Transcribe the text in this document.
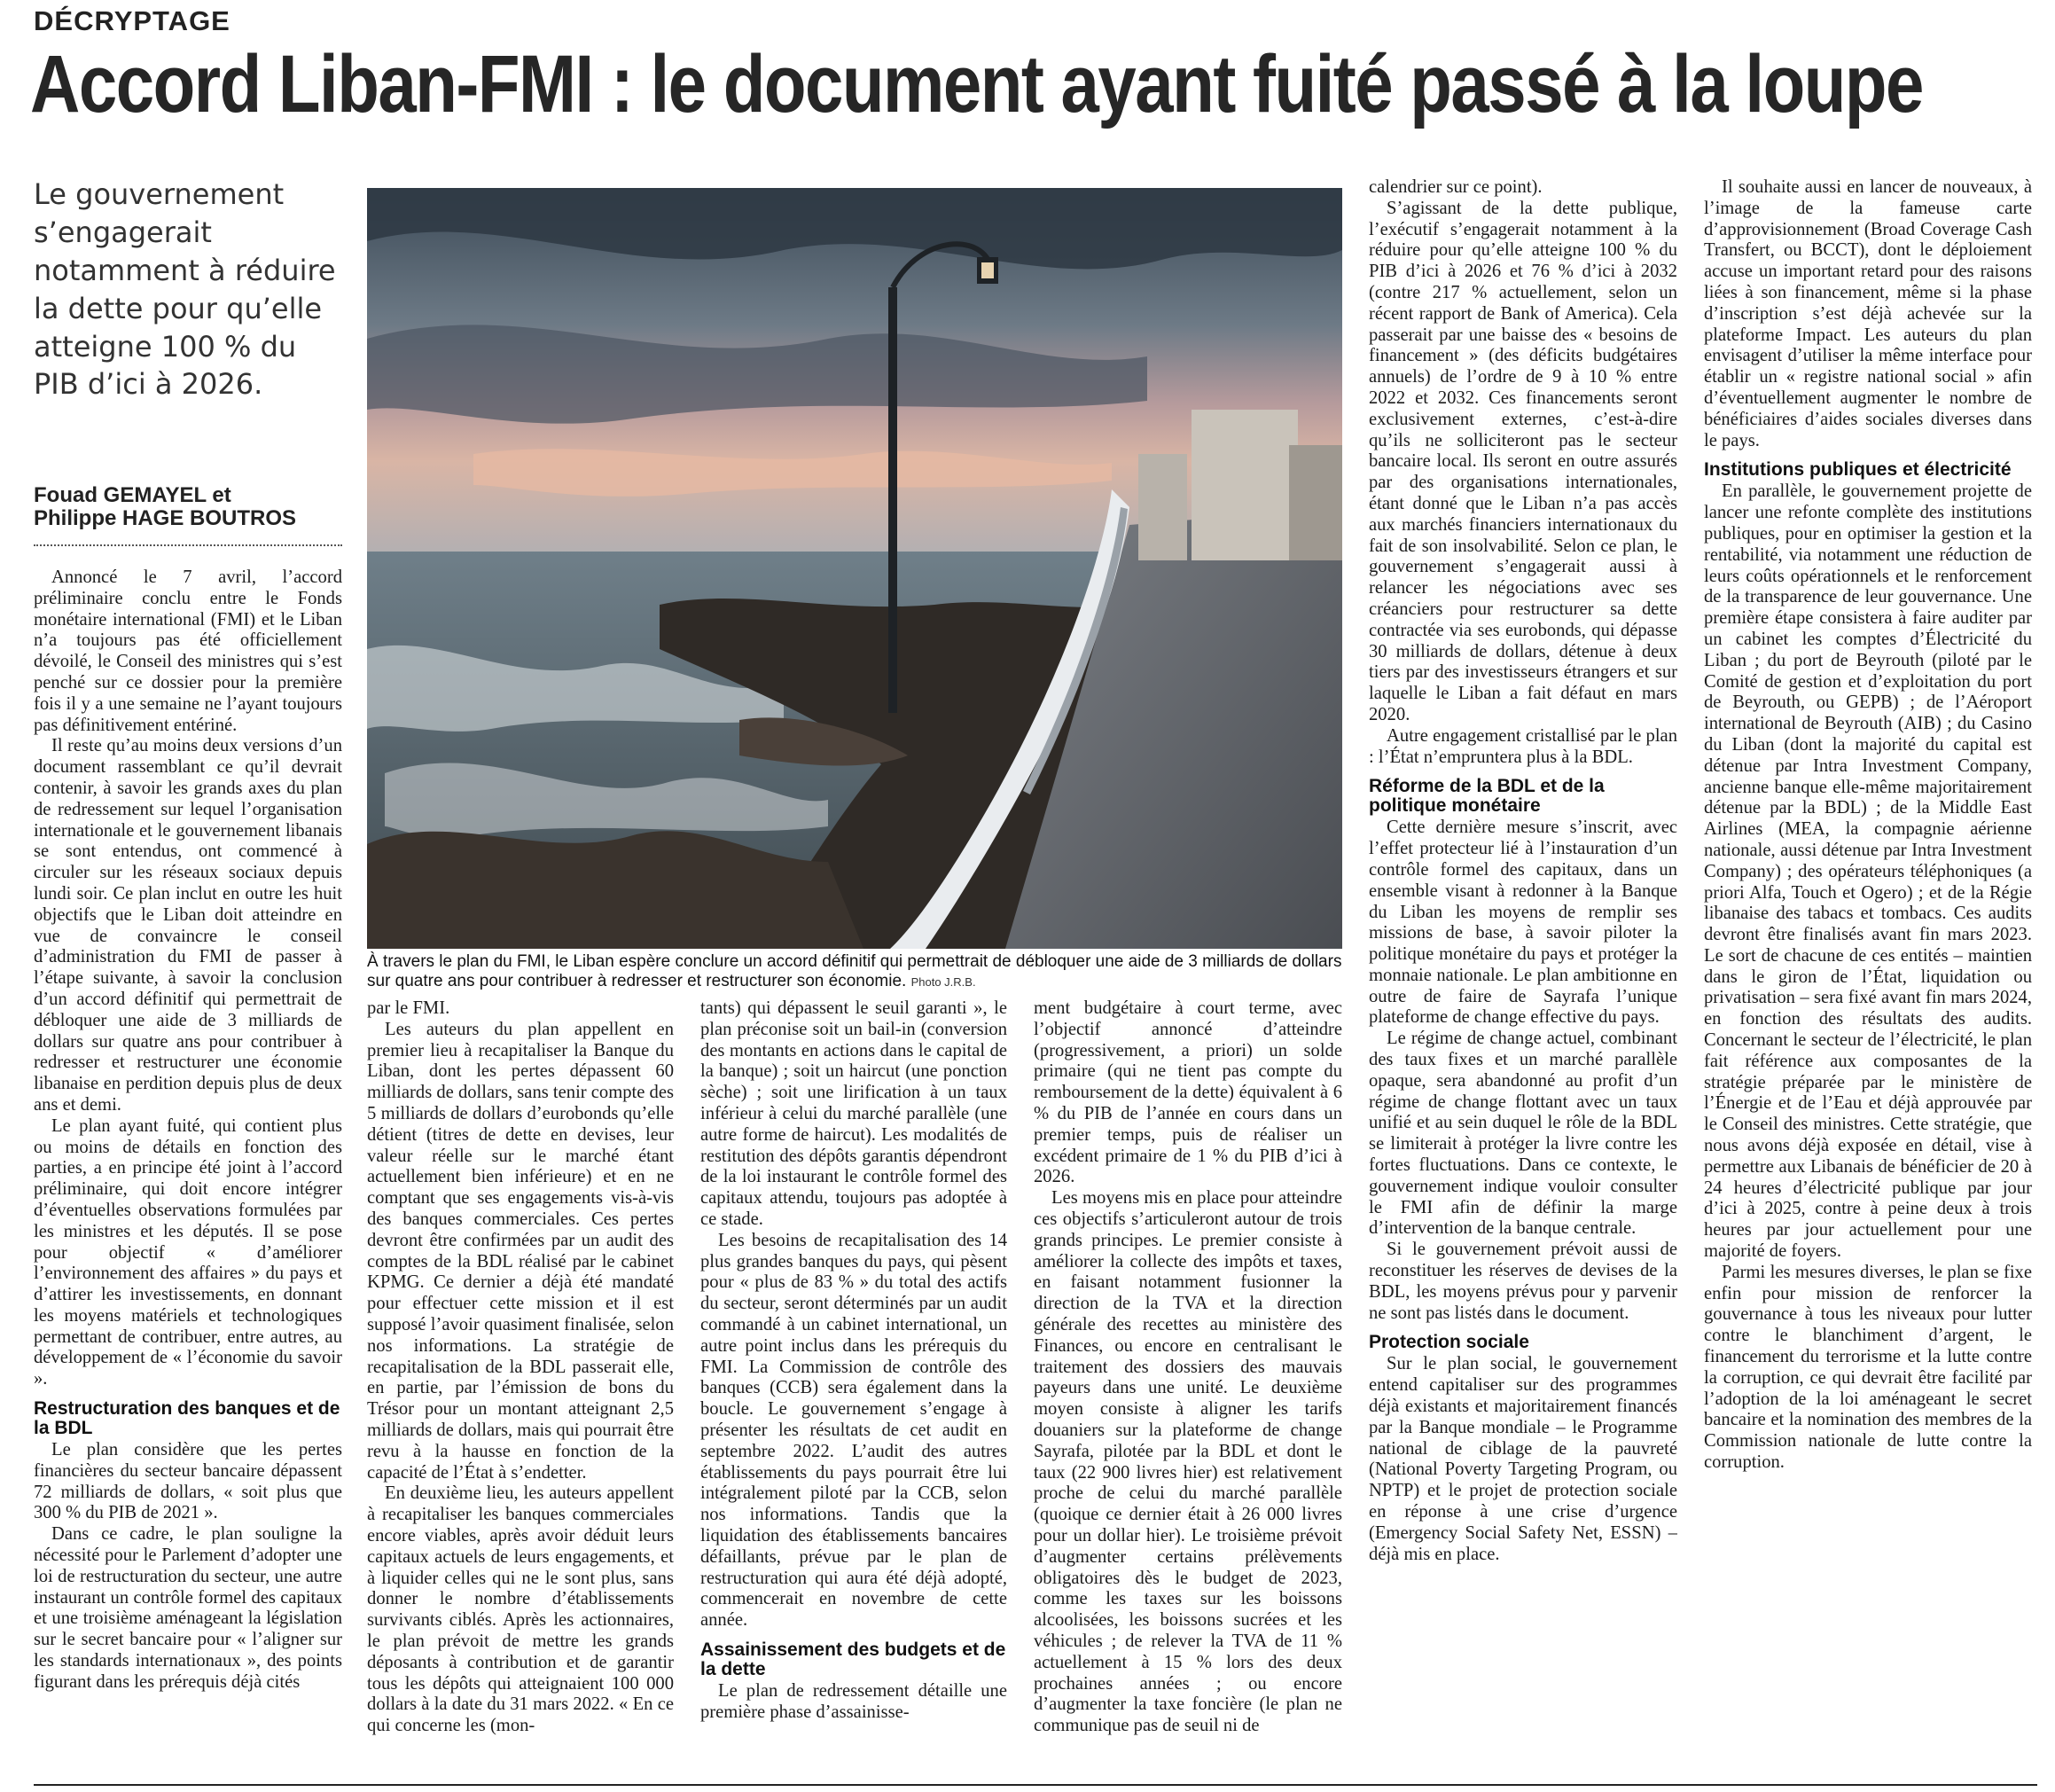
DÉCRYPTAGE
Accord Liban-FMI : le document ayant fuité passé à la loupe
Le gouvernement s’engagerait notamment à réduire la dette pour qu’elle atteigne 100 % du PIB d’ici à 2026.
Fouad GEMAYEL et
Philippe HAGE BOUTROS
À travers le plan du FMI, le Liban espère conclure un accord définitif qui permettrait de débloquer une aide de 3 milliards de dollars sur quatre ans pour contribuer à redresser et restructurer son économie. Photo J.R.B.

Annoncé le 7 avril, l’accord préliminaire conclu entre le Fonds monétaire international (FMI) et le Liban n’a toujours pas été officiellement dévoilé, le Conseil des ministres qui s’est penché sur ce dossier pour la première fois il y a une semaine ne l’ayant toujours pas définitivement entériné.

Il reste qu’au moins deux versions d’un document rassemblant ce qu’il devrait contenir, à savoir les grands axes du plan de redressement sur lequel l’organisation internationale et le gouvernement libanais se sont entendus, ont commencé à circuler sur les réseaux sociaux depuis lundi soir. Ce plan inclut en outre les huit objectifs que le Liban doit atteindre en vue de convaincre le conseil d’administration du FMI de passer à l’étape suivante, à savoir la conclusion d’un accord définitif qui permettrait de débloquer une aide de 3 milliards de dollars sur quatre ans pour contribuer à redresser et restructurer une économie libanaise en perdition depuis plus de deux ans et demi.

Le plan ayant fuité, qui contient plus ou moins de détails en fonction des parties, a en principe été joint à l’accord préliminaire, qui doit encore intégrer d’éventuelles observations formulées par les ministres et les députés. Il se pose pour objectif « d’améliorer l’environnement des affaires » du pays et d’attirer les investissements, en donnant les moyens matériels et technologiques permettant de contribuer, entre autres, au développement de « l’économie du savoir ».

Restructuration des banques et de la BDL

Le plan considère que les pertes financières du secteur bancaire dépassent 72 milliards de dollars, « soit plus que 300 % du PIB de 2021 ».

Dans ce cadre, le plan souligne la nécessité pour le Parlement d’adopter une loi de restructuration du secteur, une autre instaurant un contrôle formel des capitaux et une troisième aménageant la législation sur le secret bancaire pour « l’aligner sur les standards internationaux », des points figurant dans les prérequis déjà cités

par le FMI.

Les auteurs du plan appellent en premier lieu à recapitaliser la Banque du Liban, dont les pertes dépassent 60 milliards de dollars, sans tenir compte des 5 milliards de dollars d’eurobonds qu’elle détient (titres de dette en devises, leur valeur réelle sur le marché étant actuellement bien inférieure) et en ne comptant que ses engagements vis-à-vis des banques commerciales. Ces pertes devront être confirmées par un audit des comptes de la BDL réalisé par le cabinet KPMG. Ce dernier a déjà été mandaté pour effectuer cette mission et il est supposé l’avoir quasiment finalisée, selon nos informations. La stratégie de recapitalisation de la BDL passerait elle, en partie, par l’émission de bons du Trésor pour un montant atteignant 2,5 milliards de dollars, mais qui pourrait être revu à la hausse en fonction de la capacité de l’État à s’endetter.

En deuxième lieu, les auteurs appellent à recapitaliser les banques commerciales encore viables, après avoir déduit leurs capitaux actuels de leurs engagements, et à liquider celles qui ne le sont plus, sans donner le nombre d’établissements survivants ciblés. Après les actionnaires, le plan prévoit de mettre les grands déposants à contribution et de garantir tous les dépôts qui atteignaient 100 000 dollars à la date du 31 mars 2022. « En ce qui concerne les (mon-

tants) qui dépassent le seuil garanti », le plan préconise soit un bail-in (conversion des montants en actions dans le capital de la banque) ; soit un haircut (une ponction sèche) ; soit une lirification à un taux inférieur à celui du marché parallèle (une autre forme de haircut). Les modalités de restitution des dépôts garantis dépendront de la loi instaurant le contrôle formel des capitaux attendu, toujours pas adoptée à ce stade.

Les besoins de recapitalisation des 14 plus grandes banques du pays, qui pèsent pour « plus de 83 % » du total des actifs du secteur, seront déterminés par un audit commandé à un cabinet international, un autre point inclus dans les prérequis du FMI. La Commission de contrôle des banques (CCB) sera également dans la boucle. Le gouvernement s’engage à présenter les résultats de cet audit en septembre 2022. L’audit des autres établissements du pays pourrait être lui intégralement piloté par la CCB, selon nos informations. Tandis que la liquidation des établissements bancaires défaillants, prévue par le plan de restructuration qui aura été déjà adopté, commencerait en novembre de cette année.

Assainissement des budgets et de la dette

Le plan de redressement détaille une première phase d’assainisse-

ment budgétaire à court terme, avec l’objectif annoncé d’atteindre (progressivement, a priori) un solde primaire (qui ne tient pas compte du remboursement de la dette) équivalent à 6 % du PIB de l’année en cours dans un premier temps, puis de réaliser un excédent primaire de 1 % du PIB d’ici à 2026.

Les moyens mis en place pour atteindre ces objectifs s’articuleront autour de trois grands principes. Le premier consiste à améliorer la collecte des impôts et taxes, en faisant notamment fusionner la direction de la TVA et la direction générale des recettes au ministère des Finances, ou encore en centralisant le traitement des dossiers des mauvais payeurs dans une unité. Le deuxième moyen consiste à aligner les tarifs douaniers sur la plateforme de change Sayrafa, pilotée par la BDL et dont le taux (22 900 livres hier) est relativement proche de celui du marché parallèle (quoique ce dernier était à 26 000 livres pour un dollar hier). Le troisième prévoit d’augmenter certains prélèvements obligatoires dès le budget de 2023, comme les taxes sur les boissons alcoolisées, les boissons sucrées et les véhicules ; de relever la TVA de 11 % actuellement à 15 % lors des deux prochaines années ; ou encore d’augmenter la taxe foncière (le plan ne communique pas de seuil ni de

calendrier sur ce point).

S’agissant de la dette publique, l’exécutif s’engagerait notamment à la réduire pour qu’elle atteigne 100 % du PIB d’ici à 2026 et 76 % d’ici à 2032 (contre 217 % actuellement, selon un récent rapport de Bank of America). Cela passerait par une baisse des « besoins de financement » (des déficits budgétaires annuels) de l’ordre de 9 à 10 % entre 2022 et 2032. Ces financements seront exclusivement externes, c’est-à-dire qu’ils ne solliciteront pas le secteur bancaire local. Ils seront en outre assurés par des organisations internationales, étant donné que le Liban n’a pas accès aux marchés financiers internationaux du fait de son insolvabilité. Selon ce plan, le gouvernement s’engagerait aussi à relancer les négociations avec ses créanciers pour restructurer sa dette contractée via ses eurobonds, qui dépasse 30 milliards de dollars, détenue à deux tiers par des investisseurs étrangers et sur laquelle le Liban a fait défaut en mars 2020.

Autre engagement cristallisé par le plan : l’État n’empruntera plus à la BDL.

Réforme de la BDL et de la politique monétaire

Cette dernière mesure s’inscrit, avec l’effet protecteur lié à l’instauration d’un contrôle formel des capitaux, dans un ensemble visant à redonner à la Banque du Liban les moyens de remplir ses missions de base, à savoir piloter la politique monétaire du pays et protéger la monnaie nationale. Le plan ambitionne en outre de faire de Sayrafa l’unique plateforme de change effective du pays.

Le régime de change actuel, combinant des taux fixes et un marché parallèle opaque, sera abandonné au profit d’un régime de change flottant avec un taux unifié et au sein duquel le rôle de la BDL se limiterait à protéger la livre contre les fortes fluctuations. Dans ce contexte, le gouvernement indique vouloir consulter le FMI afin de définir la marge d’intervention de la banque centrale.

Si le gouvernement prévoit aussi de reconstituer les réserves de devises de la BDL, les moyens prévus pour y parvenir ne sont pas listés dans le document.

Protection sociale

Sur le plan social, le gouvernement entend capitaliser sur des programmes déjà existants et majoritairement financés par la Banque mondiale – le Programme national de ciblage de la pauvreté (National Poverty Targeting Program, ou NPTP) et le projet de protection sociale en réponse à une crise d’urgence (Emergency Social Safety Net, ESSN) – déjà mis en place.

Il souhaite aussi en lancer de nouveaux, à l’image de la fameuse carte d’approvisionnement (Broad Coverage Cash Transfert, ou BCCT), dont le déploiement accuse un important retard pour des raisons liées à son financement, même si la phase d’inscription s’est déjà achevée sur la plateforme Impact. Les auteurs du plan envisagent d’utiliser la même interface pour établir un « registre national social » afin d’éventuellement augmenter le nombre de bénéficiaires d’aides sociales diverses dans le pays.

Institutions publiques et électricité

En parallèle, le gouvernement projette de lancer une refonte complète des institutions publiques, pour en optimiser la gestion et la rentabilité, via notamment une réduction de leurs coûts opérationnels et le renforcement de la transparence de leur gouvernance. Une première étape consistera à faire auditer par un cabinet les comptes d’Électricité du Liban ; du port de Beyrouth (piloté par le Comité de gestion et d’exploitation du port de Beyrouth, ou GEPB) ; de l’Aéroport international de Beyrouth (AIB) ; du Casino du Liban (dont la majorité du capital est détenue par Intra Investment Company, ancienne banque elle-même majoritairement détenue par la BDL) ; de la Middle East Airlines (MEA, la compagnie aérienne nationale, aussi détenue par Intra Investment Company) ; des opérateurs téléphoniques (a priori Alfa, Touch et Ogero) ; et de la Régie libanaise des tabacs et tombacs. Ces audits devront être finalisés avant fin mars 2023. Le sort de chacune de ces entités – maintien dans le giron de l’État, liquidation ou privatisation – sera fixé avant fin mars 2024, en fonction des résultats des audits. Concernant le secteur de l’électricité, le plan fait référence aux composantes de la stratégie préparée par le ministère de l’Énergie et de l’Eau et déjà approuvée par le Conseil des ministres. Cette stratégie, que nous avons déjà exposée en détail, vise à permettre aux Libanais de bénéficier de 20 à 24 heures d’électricité publique par jour d’ici à 2025, contre à peine deux à trois heures par jour actuellement pour une majorité de foyers.

Parmi les mesures diverses, le plan se fixe enfin pour mission de renforcer la gouvernance à tous les niveaux pour lutter contre le blanchiment d’argent, le financement du terrorisme et la lutte contre la corruption, ce qui devrait être facilité par l’adoption de la loi aménageant le secret bancaire et la nomination des membres de la Commission nationale de lutte contre la corruption.
